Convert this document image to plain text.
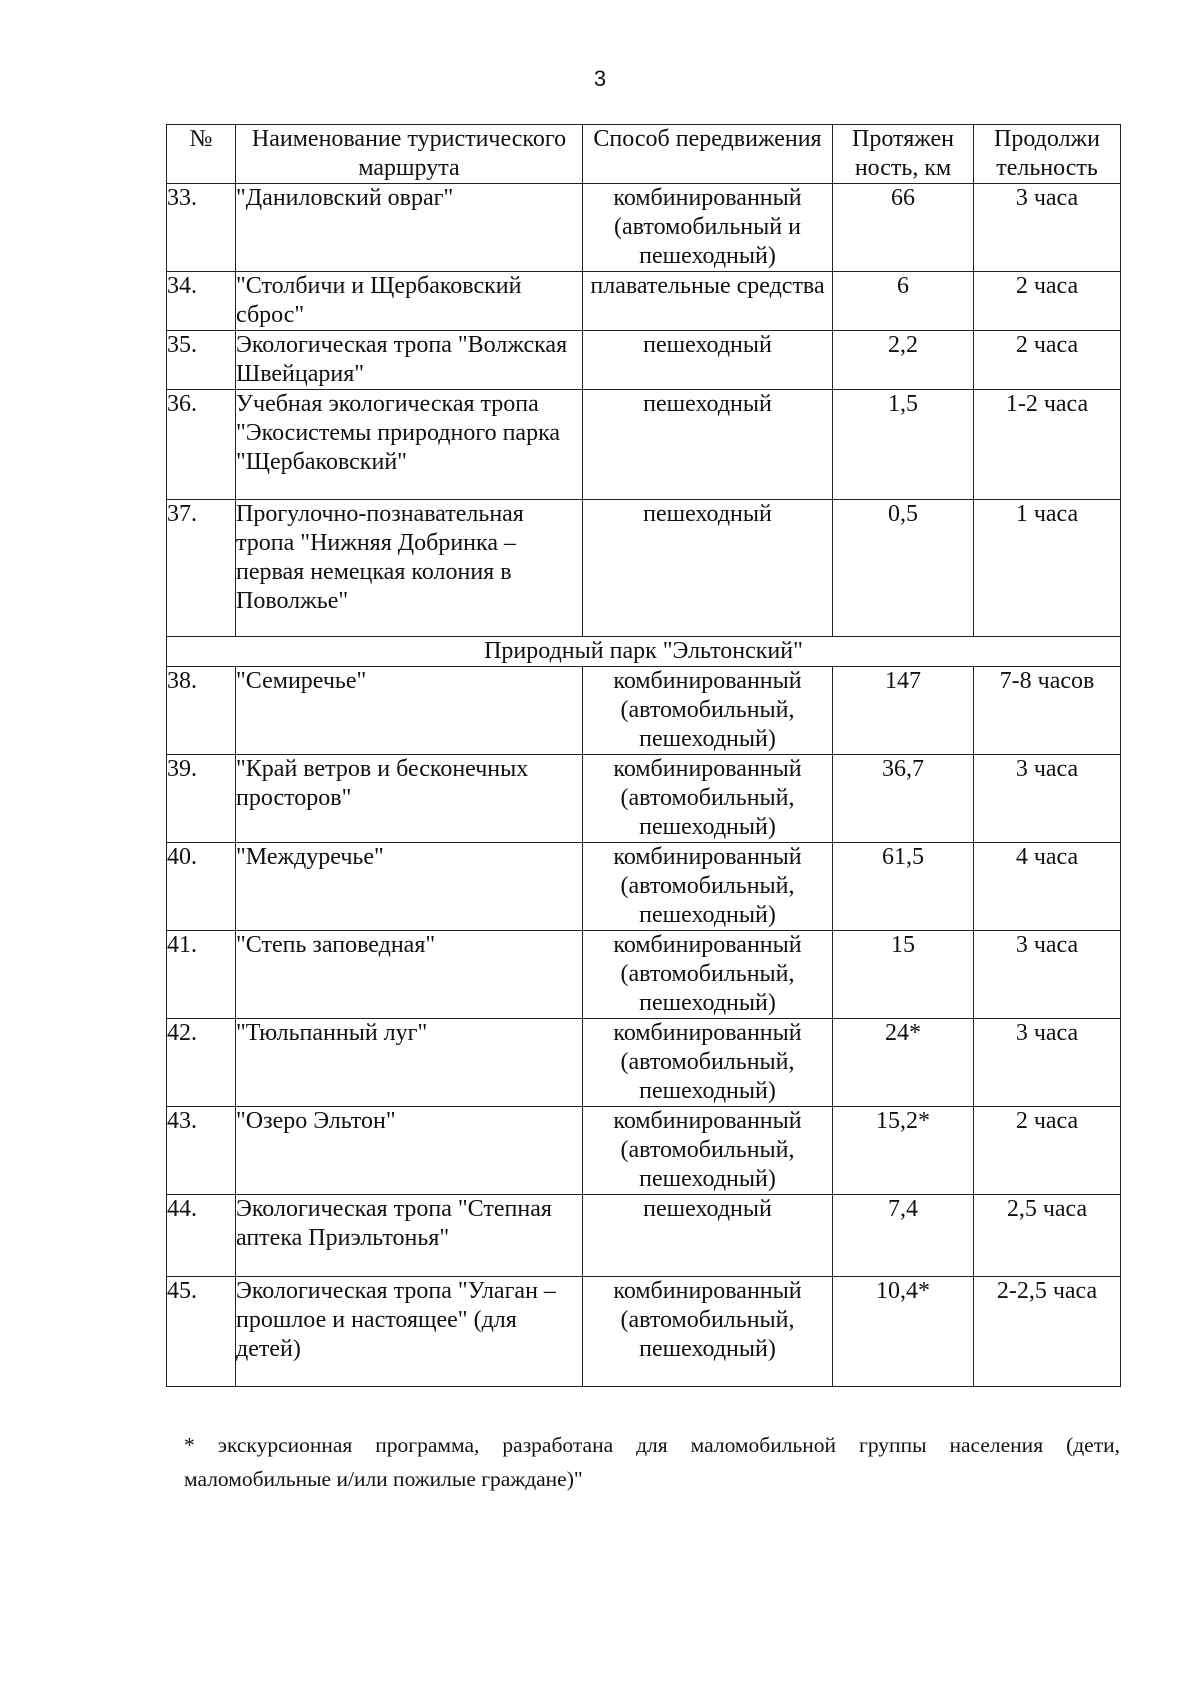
3
№	Наименование туристического маршрута	Способ передвижения	Протяжен ность, км	Продолжи тельность
33.	"Даниловский овраг"	комбинированный (автомобильный и пешеходный)	66	3 часа
34.	"Столбичи и Щербаковский сброс"	плавательные средства	6	2 часа
35.	Экологическая тропа "Волжская Швейцария"	пешеходный	2,2	2 часа
36.	Учебная экологическая тропа "Экосистемы природного парка "Щербаковский"	пешеходный	1,5	1-2 часа
37.	Прогулочно-познавательная тропа "Нижняя Добринка – первая немецкая колония в Поволжье"	пешеходный	0,5	1 часа
Природный парк "Эльтонский"				
38.	"Семиречье"	комбинированный (автомобильный, пешеходный)	147	7-8 часов
39.	"Край ветров и бесконечных просторов"	комбинированный (автомобильный, пешеходный)	36,7	3 часа
40.	"Междуречье"	комбинированный (автомобильный, пешеходный)	61,5	4 часа
41.	"Степь заповедная"	комбинированный (автомобильный, пешеходный)	15	3 часа
42.	"Тюльпанный луг"	комбинированный (автомобильный, пешеходный)	24*	3 часа
43.	"Озеро Эльтон"	комбинированный (автомобильный, пешеходный)	15,2*	2 часа
44.	Экологическая тропа "Степная аптека Приэльтонья"	пешеходный	7,4	2,5 часа
45.	Экологическая тропа "Улаган – прошлое и настоящее" (для детей)	комбинированный (автомобильный, пешеходный)	10,4*	2-2,5 часа
* экскурсионная программа, разработана для маломобильной группы населения (дети, маломобильные и/или пожилые граждане)"
